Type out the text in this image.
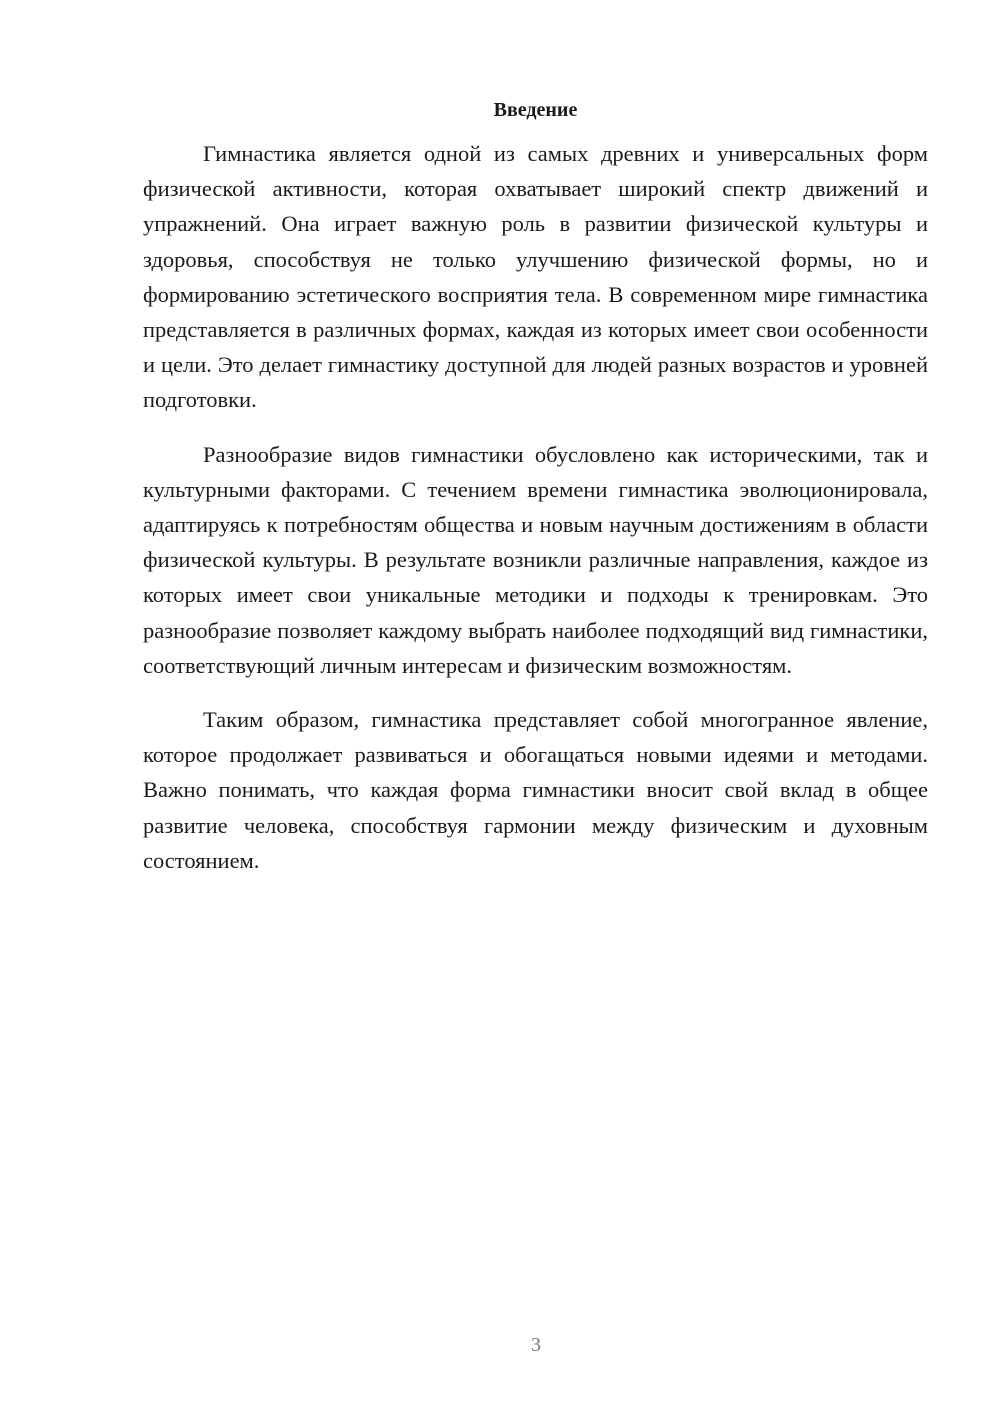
Введение

Гимнастика является одной из самых древних и универсальных форм физической активности, которая охватывает широкий спектр движений и упражнений. Она играет важную роль в развитии физической культуры и здоровья, способствуя не только улучшению физической формы, но и формированию эстетического восприятия тела. В современном мире гимнастика представляется в различных формах, каждая из которых имеет свои особенности и цели. Это делает гимнастику доступной для людей разных возрастов и уровней подготовки.

Разнообразие видов гимнастики обусловлено как историческими, так и культурными факторами. С течением времени гимнастика эволюционировала, адаптируясь к потребностям общества и новым научным достижениям в области физической культуры. В результате возникли различные направления, каждое из которых имеет свои уникальные методики и подходы к тренировкам. Это разнообразие позволяет каждому выбрать наиболее подходящий вид гимнастики, соответствующий личным интересам и физическим возможностям.

Таким образом, гимнастика представляет собой многогранное явление, которое продолжает развиваться и обогащаться новыми идеями и методами. Важно понимать, что каждая форма гимнастики вносит свой вклад в общее развитие человека, способствуя гармонии между физическим и духовным состоянием.

3
